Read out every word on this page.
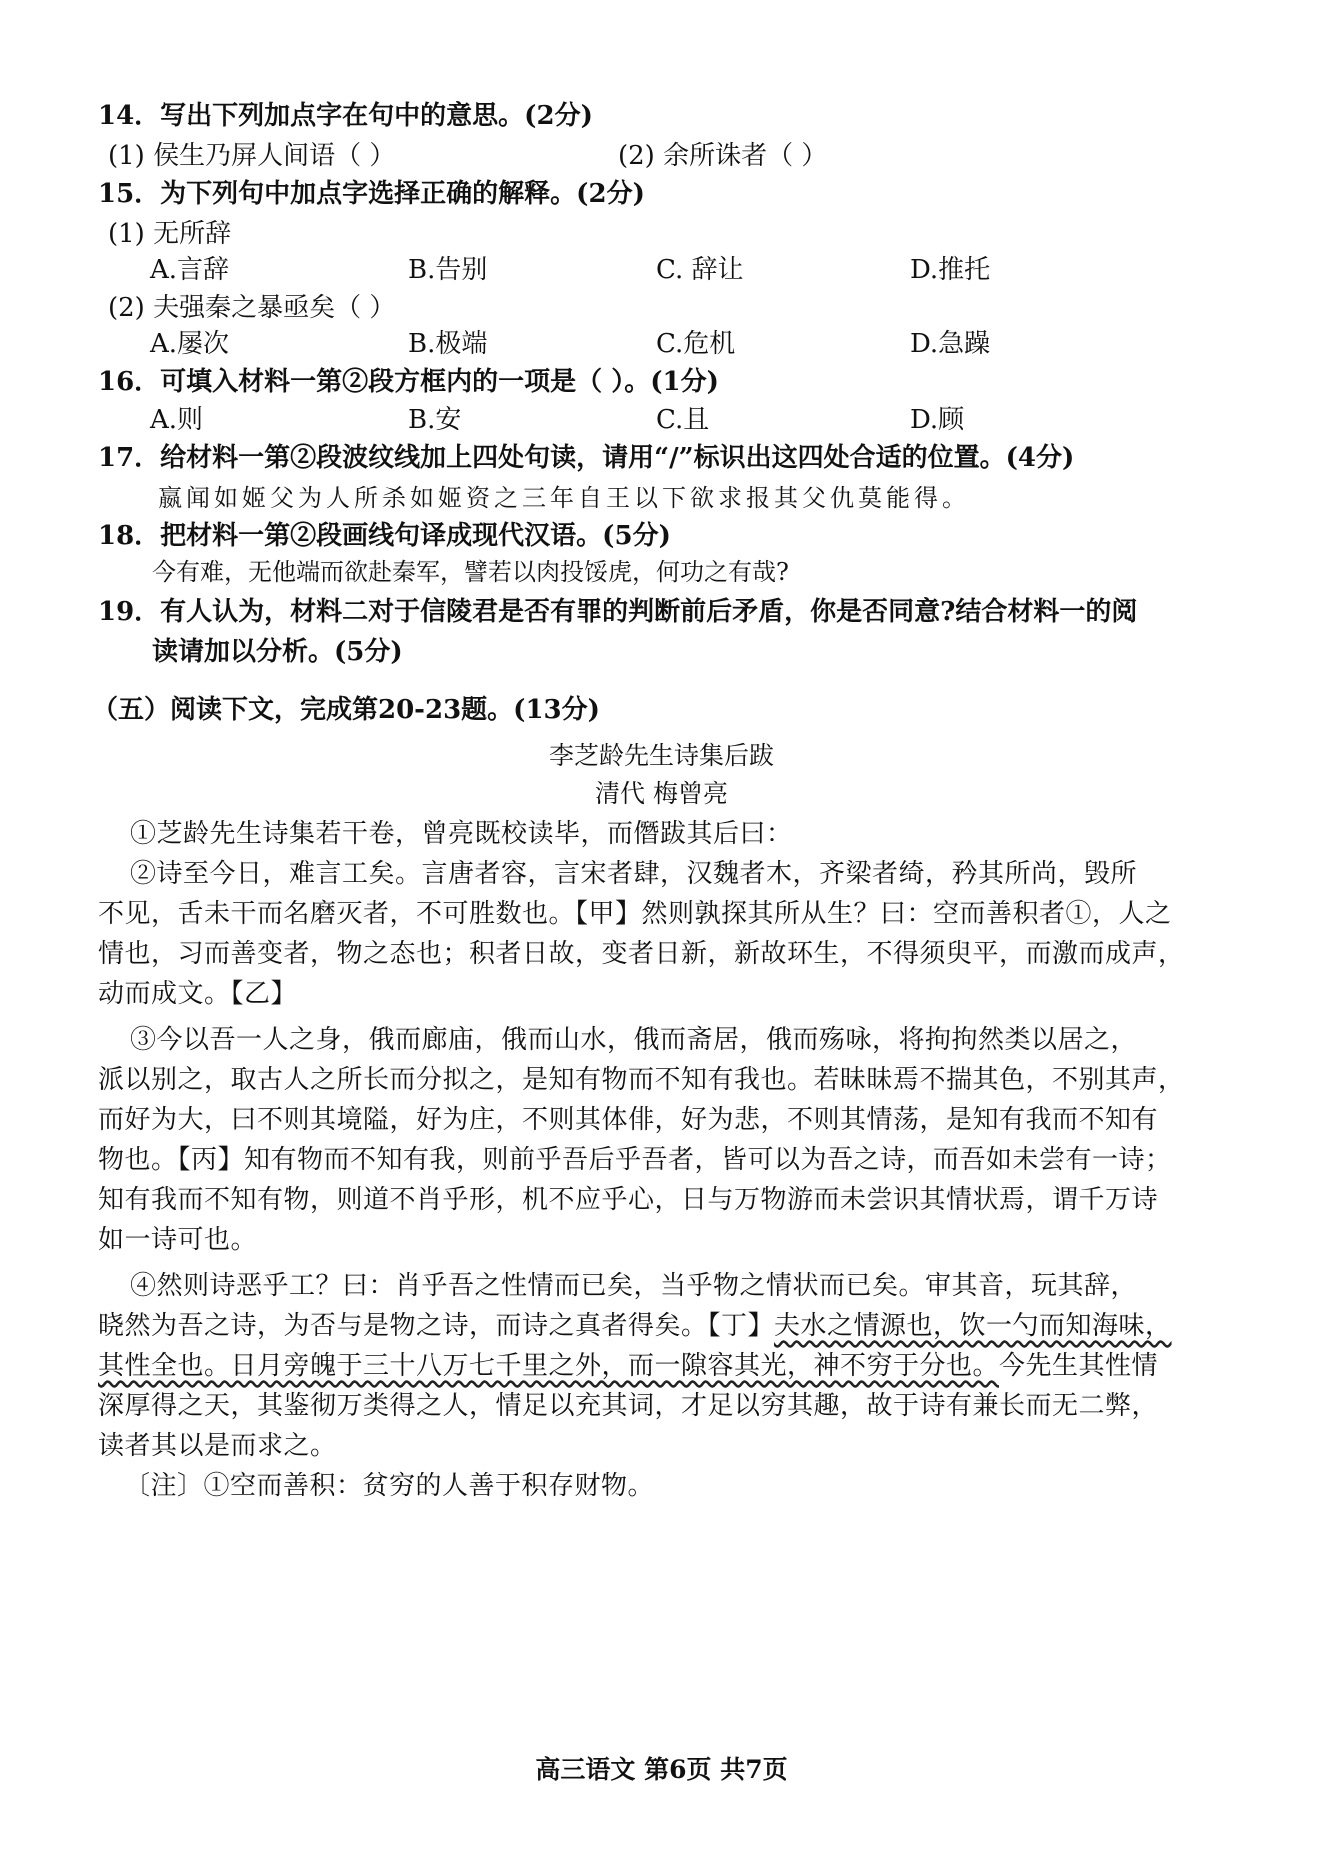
14．写出下列加点字在句中的意思。(2分)
(1) 侯生乃屏人间语（ ）	(2) 余所诛者（ ）
15．为下列句中加点字选择正确的解释。(2分)
(1) 无所辞
A.言辞	B.告别	C. 辞让	D.推托
(2) 夫强秦之暴亟矣（ ）
A.屡次	B.极端	C.危机	D.急躁
16．可填入材料一第②段方框内的一项是（ ）。(1分)
A.则	B.安	C.且	D.顾
17．给材料一第②段波纹线加上四处句读，请用“/”标识出这四处合适的位置。(4分)
嬴闻如姬父为人所杀如姬资之三年自王以下欲求报其父仇莫能得。
18．把材料一第②段画线句译成现代汉语。(5分)
今有难，无他端而欲赴秦军，譬若以肉投馁虎，何功之有哉?
19．有人认为，材料二对于信陵君是否有罪的判断前后矛盾，你是否同意?结合材料一的阅
读请加以分析。(5分)
（五）阅读下文，完成第20-23题。(13分)
李芝龄先生诗集后跋
清代 梅曾亮
①芝龄先生诗集若干卷，曾亮既校读毕，而僭跋其后曰：
②诗至今日，难言工矣。言唐者容，言宋者肆，汉魏者木，齐梁者绮，矜其所尚，毁所
不见，舌未干而名磨灭者，不可胜数也。【甲】然则孰探其所从生？曰：空而善积者①，人之
情也，习而善变者，物之态也；积者日故，变者日新，新故环生，不得须臾平，而激而成声，
动而成文。【乙】
③今以吾一人之身，俄而廊庙，俄而山水，俄而斋居，俄而殇咏，将拘拘然类以居之，
派以别之，取古人之所长而分拟之，是知有物而不知有我也。若昧昧焉不揣其色，不别其声，
而好为大，曰不则其境隘，好为庄，不则其体俳，好为悲，不则其情荡，是知有我而不知有
物也。【丙】知有物而不知有我，则前乎吾后乎吾者，皆可以为吾之诗，而吾如未尝有一诗；
知有我而不知有物，则道不肖乎形，机不应乎心，日与万物游而未尝识其情状焉，谓千万诗
如一诗可也。
④然则诗恶乎工？曰：肖乎吾之性情而已矣，当乎物之情状而已矣。审其音，玩其辞，
晓然为吾之诗，为否与是物之诗，而诗之真者得矣。【丁】夫水之情源也，饮一勺而知海味，
其性全也。日月旁魄于三十八万七千里之外，而一隙容其光，神不穷于分也。今先生其性情
深厚得之天，其鉴彻万类得之人，情足以充其词，才足以穷其趣，故于诗有兼长而无二弊，
读者其以是而求之。
〔注〕①空而善积：贫穷的人善于积存财物。
高三语文 第6页 共7页
